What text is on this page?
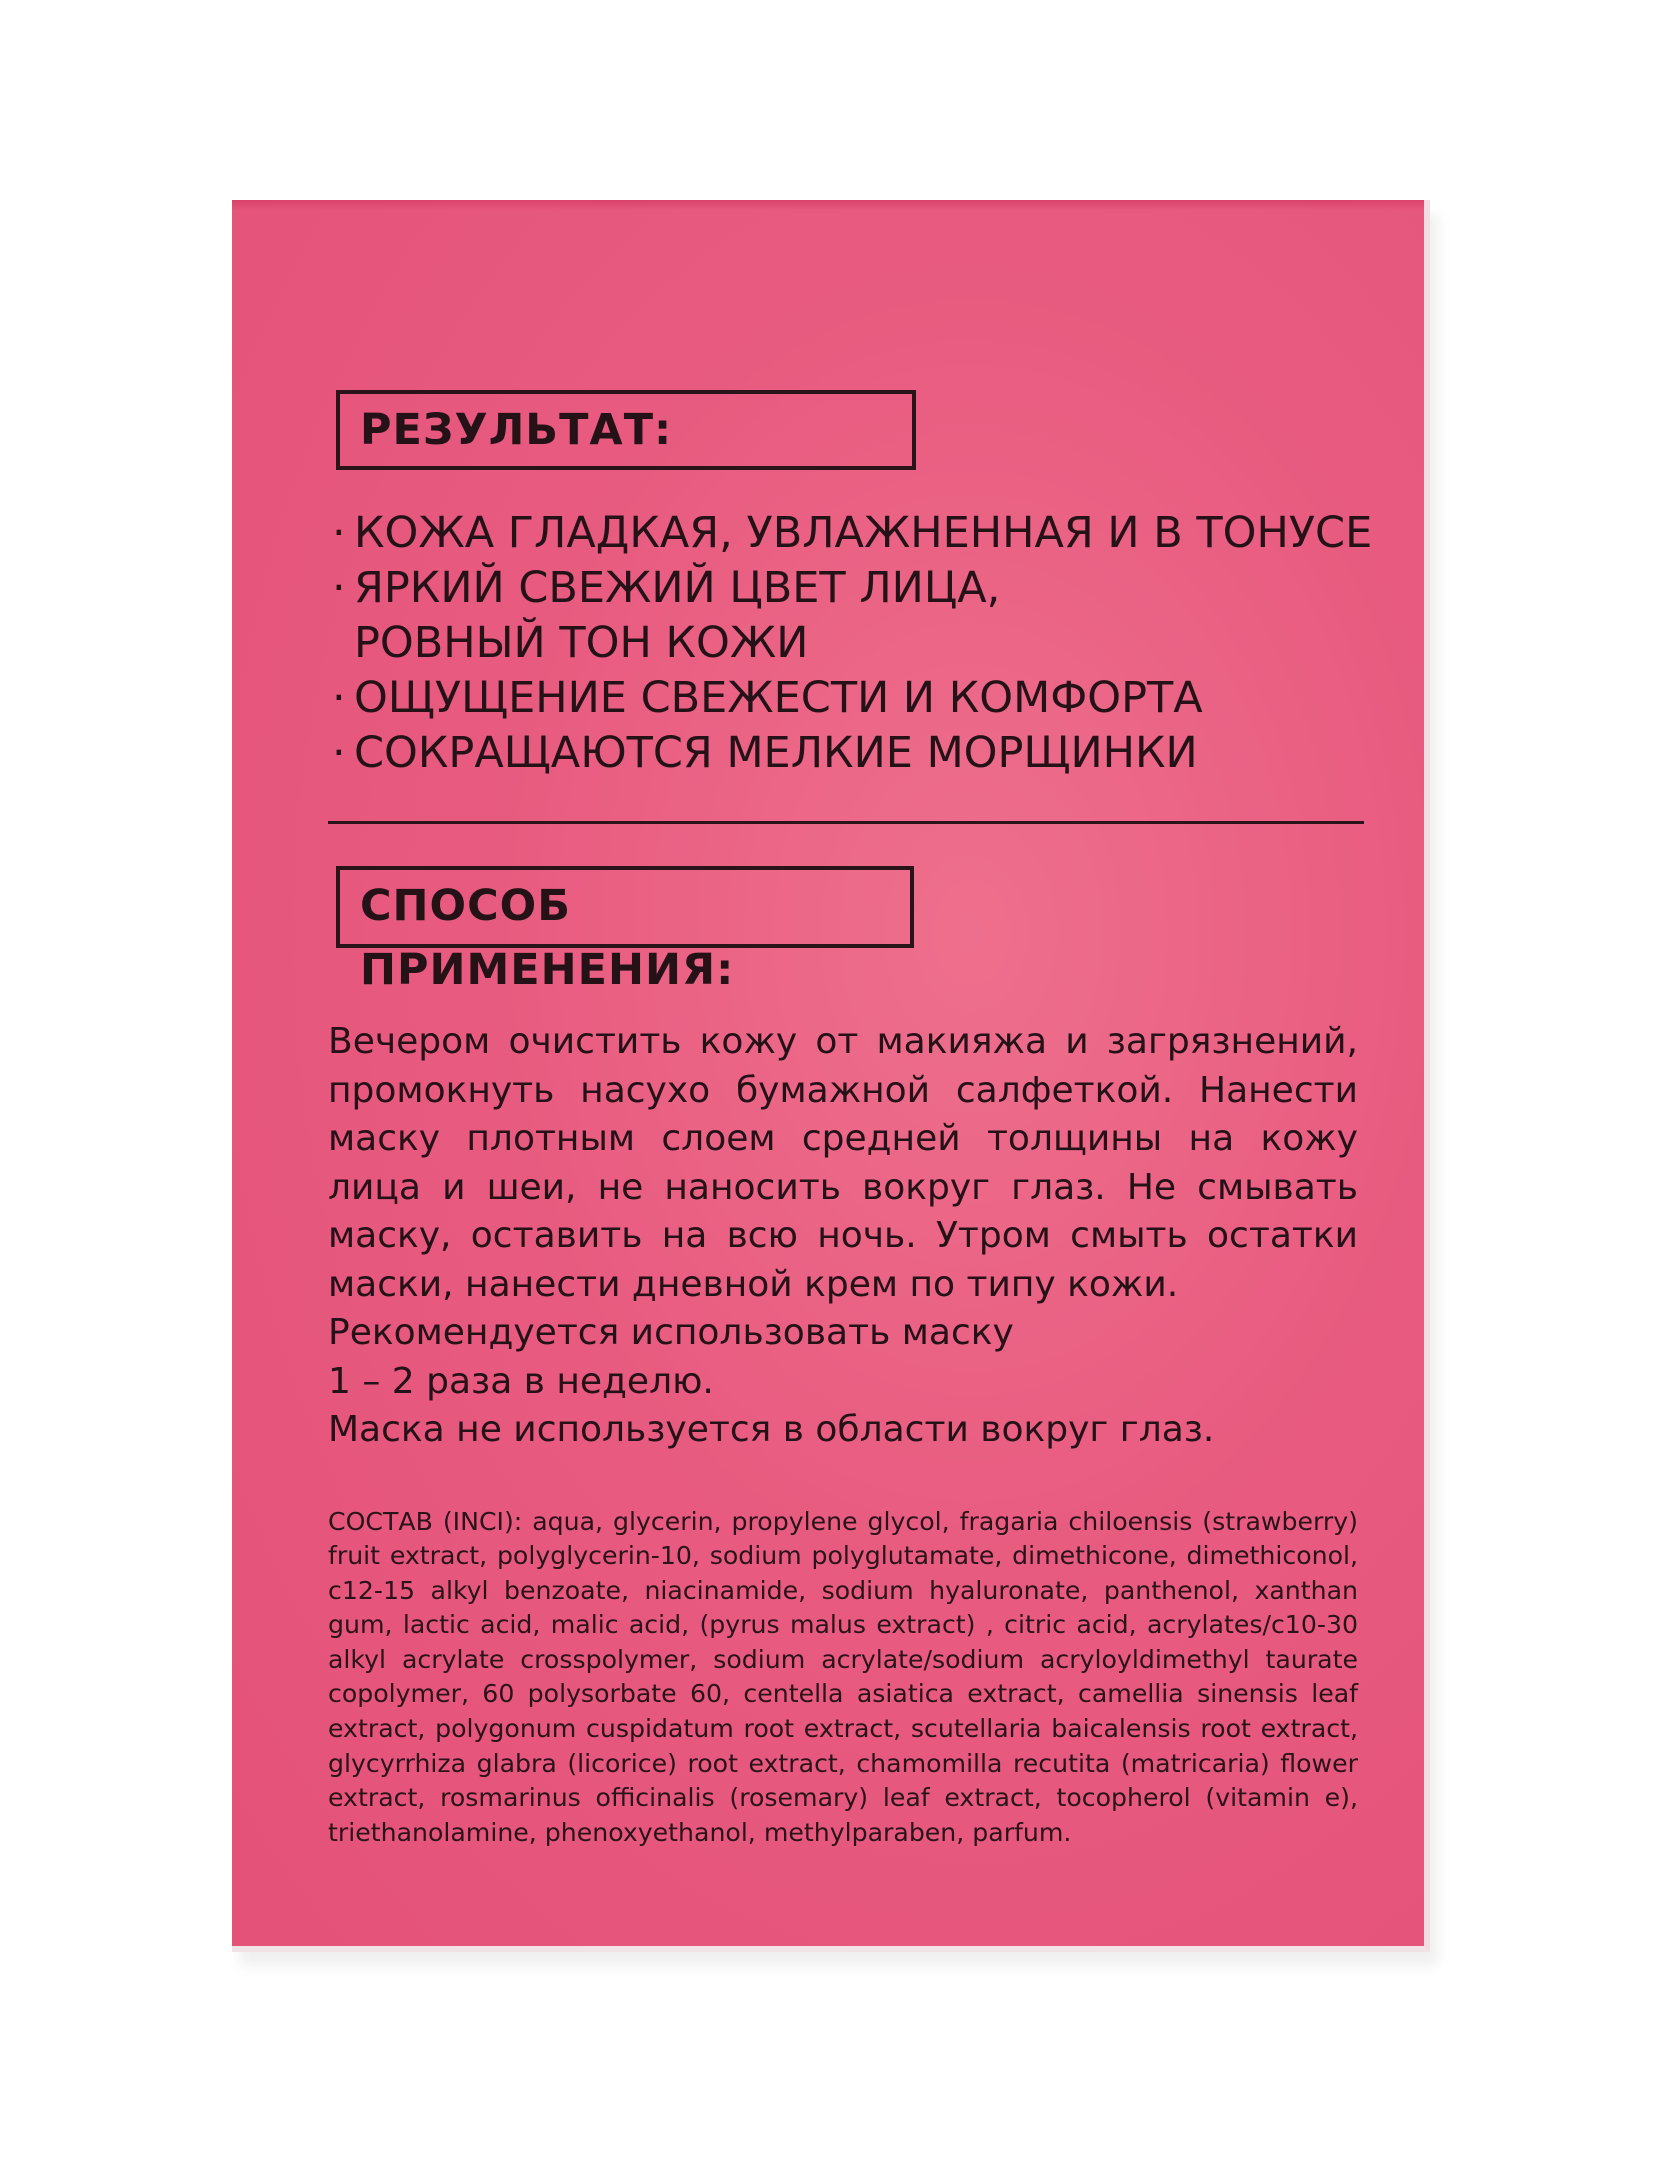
РЕЗУЛЬТАТ:
· КОЖА ГЛАДКАЯ, УВЛАЖНЕННАЯ И В ТОНУСЕ
· ЯРКИЙ СВЕЖИЙ ЦВЕТ ЛИЦА,
РОВНЫЙ ТОН КОЖИ
· ОЩУЩЕНИЕ СВЕЖЕСТИ И КОМФОРТА
· СОКРАЩАЮТСЯ МЕЛКИЕ МОРЩИНКИ
СПОСОБ ПРИМЕНЕНИЯ:

Вечером очистить кожу от макияжа и загрязнений, промокнуть насухо бумажной салфеткой. Нанести маску плотным слоем средней толщины на кожу лица и шеи, не наносить вокруг глаз. Не смывать маску, оставить на всю ночь. Утром смыть остатки маски, нанести дневной крем по типу кожи.

Рекомендуется использовать маску

1 – 2 раза в неделю.

Маска не используется в области вокруг глаз.

СОСТАВ (INCI): aqua, glycerin, propylene glycol, fragaria chiloensis (strawberry) fruit extract, polyglycerin-10, sodium polyglutamate, dimethicone, dimethiconol, c12-15 alkyl benzoate, niacinamide, sodium hyaluronate, panthenol, xanthan gum, lactic acid, malic acid, (pyrus malus extract) , citric acid, acrylates/c10-30 alkyl acrylate crosspolymer, sodium acrylate/sodium acryloyldimethyl taurate copolymer, 60 polysorbate 60, centella asiatica extract, camellia sinensis leaf extract, polygonum cuspidatum root extract, scutellaria baicalensis root extract, glycyrrhiza glabra (licorice) root extract, chamomilla recutita (matricaria) flower extract, rosmarinus officinalis (rosemary) leaf extract, tocopherol (vitamin e), triethanolamine, phenoxyethanol, methylparaben, parfum.
